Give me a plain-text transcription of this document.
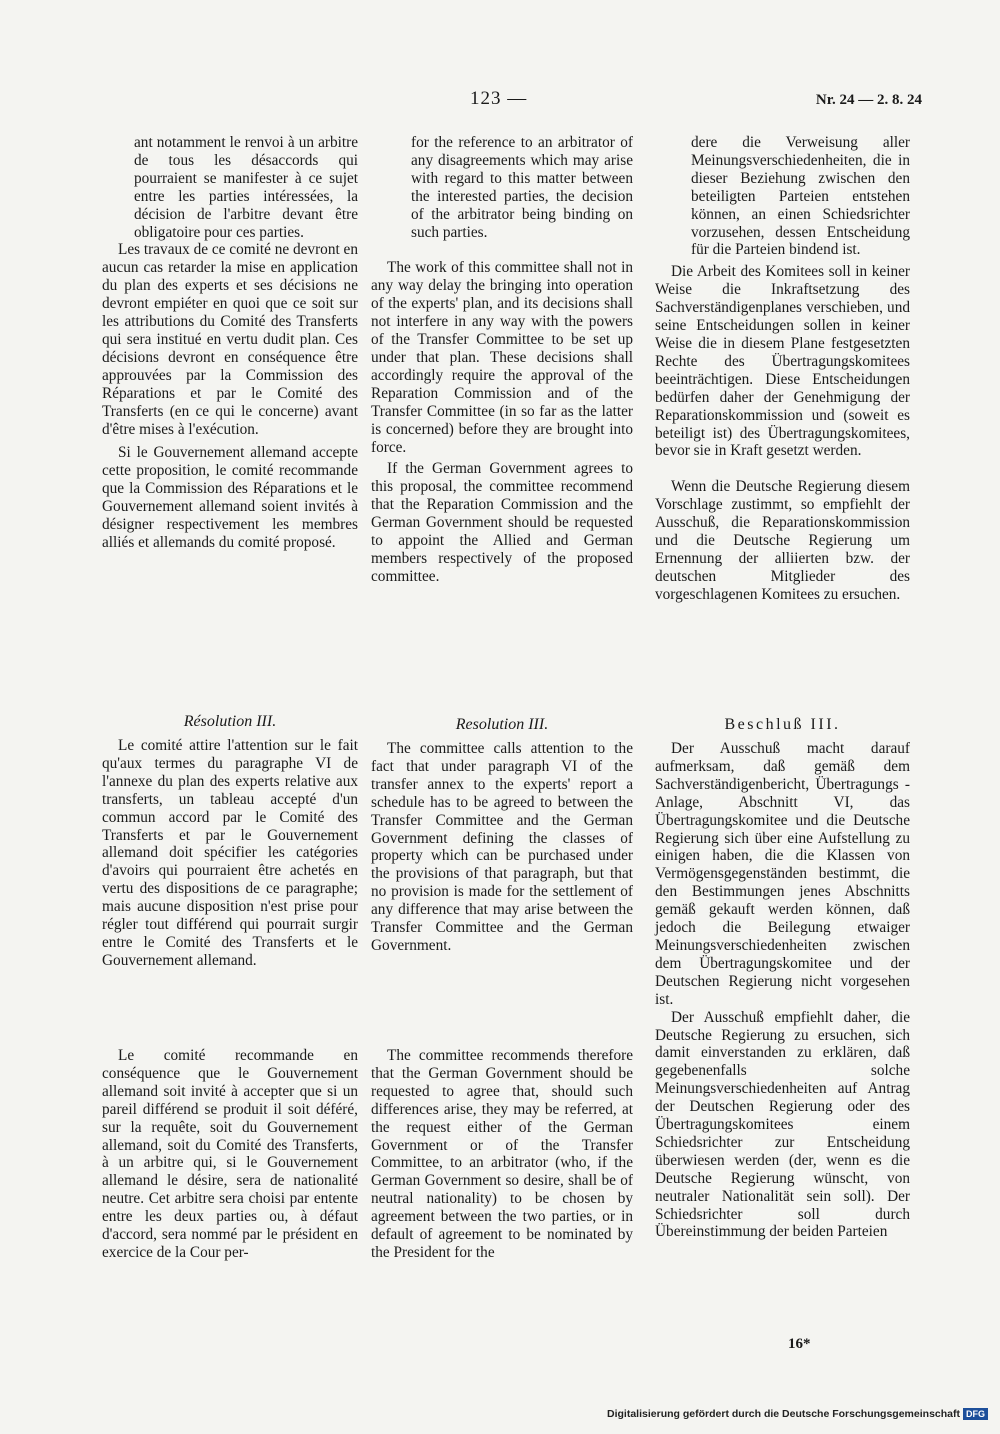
123 —	Nr. 24 — 2. 8. 24

ant notamment le renvoi à un arbitre de tous les désaccords qui pourraient se manifester à ce sujet entre les parties intéressées, la décision de l'arbitre devant être obligatoire pour ces parties.

Les travaux de ce comité ne devront en aucun cas retarder la mise en application du plan des experts et ses décisions ne devront empiéter en quoi que ce soit sur les attributions du Comité des Transferts qui sera institué en vertu dudit plan. Ces décisions devront en conséquence être approuvées par la Commission des Réparations et par le Comité des Transferts (en ce qui le concerne) avant d'être mises à l'exécution.

Si le Gouvernement allemand accepte cette proposition, le comité recommande que la Commission des Réparations et le Gouvernement allemand soient invités à désigner respectivement les membres alliés et allemands du comité proposé.

Résolution III.

Le comité attire l'attention sur le fait qu'aux termes du paragraphe VI de l'annexe du plan des experts relative aux transferts, un tableau accepté d'un commun accord par le Comité des Transferts et par le Gouvernement allemand doit spécifier les catégories d'avoirs qui pourraient être achetés en vertu des dispositions de ce paragraphe; mais aucune disposition n'est prise pour régler tout différend qui pourrait surgir entre le Comité des Transferts et le Gouvernement allemand.

Le comité recommande en conséquence que le Gouvernement allemand soit invité à accepter que si un pareil différend se produit il soit déféré, sur la requête, soit du Gouvernement allemand, soit du Comité des Transferts, à un arbitre qui, si le Gouvernement allemand le désire, sera de nationalité neutre. Cet arbitre sera choisi par entente entre les deux parties ou, à défaut d'accord, sera nommé par le président en exercice de la Cour per-

for the reference to an arbitrator of any disagreements which may arise with regard to this matter between the interested parties, the decision of the arbitrator being binding on such parties.

The work of this committee shall not in any way delay the bringing into operation of the experts' plan, and its decisions shall not interfere in any way with the powers of the Transfer Committee to be set up under that plan. These decisions shall accordingly require the approval of the Reparation Commission and of the Transfer Committee (in so far as the latter is concerned) before they are brought into force.

If the German Government agrees to this proposal, the committee recommend that the Reparation Commission and the German Government should be requested to appoint the Allied and German members respectively of the proposed committee.

Resolution III.

The committee calls attention to the fact that under paragraph VI of the transfer annex to the experts' report a schedule has to be agreed to between the Transfer Committee and the German Government defining the classes of property which can be purchased under the provisions of that paragraph, but that no provision is made for the settlement of any difference that may arise between the Transfer Committee and the German Government.

The committee recommends therefore that the German Government should be requested to agree that, should such differences arise, they may be referred, at the request either of the German Government or of the Transfer Committee, to an arbitrator (who, if the German Government so desire, shall be of neutral nationality) to be chosen by agreement between the two parties, or in default of agreement to be nominated by the President for the

dere die Verweisung aller Meinungsverschiedenheiten, die in dieser Beziehung zwischen den beteiligten Parteien entstehen können, an einen Schiedsrichter vorzusehen, dessen Entscheidung für die Parteien bindend ist.

Die Arbeit des Komitees soll in keiner Weise die Inkraftsetzung des Sachverständigenplanes verschieben, und seine Entscheidungen sollen in keiner Weise die in diesem Plane festgesetzten Rechte des Übertragungskomitees beeinträchtigen. Diese Entscheidungen bedürfen daher der Genehmigung der Reparationskommission und (soweit es beteiligt ist) des Übertragungskomitees, bevor sie in Kraft gesetzt werden.

Wenn die Deutsche Regierung diesem Vorschlage zustimmt, so empfiehlt der Ausschuß, die Reparationskommission und die Deutsche Regierung um Ernennung der alliierten bzw. der deutschen Mitglieder des vorgeschlagenen Komitees zu ersuchen.

Beschluß III.

Der Ausschuß macht darauf aufmerksam, daß gemäß dem Sachverständigenbericht, Übertragungs - Anlage, Abschnitt VI, das Übertragungskomitee und die Deutsche Regierung sich über eine Aufstellung zu einigen haben, die die Klassen von Vermögensgegenständen bestimmt, die den Bestimmungen jenes Abschnitts gemäß gekauft werden können, daß jedoch die Beilegung etwaiger Meinungsverschiedenheiten zwischen dem Übertragungskomitee und der Deutschen Regierung nicht vorgesehen ist.

Der Ausschuß empfiehlt daher, die Deutsche Regierung zu ersuchen, sich damit einverstanden zu erklären, daß gegebenenfalls solche Meinungsverschiedenheiten auf Antrag der Deutschen Regierung oder des Übertragungskomitees einem Schiedsrichter zur Entscheidung überwiesen werden (der, wenn es die Deutsche Regierung wünscht, von neutraler Nationalität sein soll). Der Schiedsrichter soll durch Übereinstimmung der beiden Parteien

16*
Digitalisierung gefördert durch die Deutsche Forschungsgemeinschaft DFG
